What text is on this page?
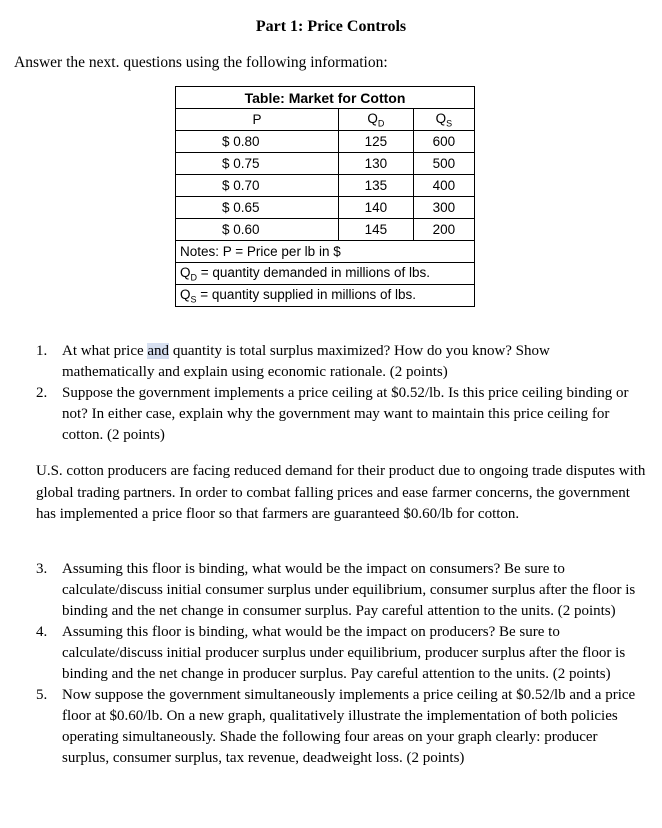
Part 1: Price Controls
Answer the next. questions using the following information:
Table: Market for Cotton		
P	$Q_D$	$Q_S$
$ 0.80	125	600
$ 0.75	130	500
$ 0.70	135	400
$ 0.65	140	300
$ 0.60	145	200
Notes: P = Price per lb in $		
$Q_D$ = quantity demanded in millions of lbs.		
$Q_S$ = quantity supplied in millions of lbs.		
1. At what price and quantity is total surplus maximized? How do you know? Show mathematically and explain using economic rationale. (2 points)
2. Suppose the government implements a price ceiling at $0.52/lb. Is this price ceiling binding or not? In either case, explain why the government may want to maintain this price ceiling for cotton. (2 points)
U.S. cotton producers are facing reduced demand for their product due to ongoing trade disputes with global trading partners. In order to combat falling prices and ease farmer concerns, the government has implemented a price floor so that farmers are guaranteed $0.60/lb for cotton.
3. Assuming this floor is binding, what would be the impact on consumers? Be sure to calculate/discuss initial consumer surplus under equilibrium, consumer surplus after the floor is binding and the net change in consumer surplus. Pay careful attention to the units. (2 points)
4. Assuming this floor is binding, what would be the impact on producers? Be sure to calculate/discuss initial producer surplus under equilibrium, producer surplus after the floor is binding and the net change in producer surplus. Pay careful attention to the units. (2 points)
5. Now suppose the government simultaneously implements a price ceiling at $0.52/lb and a price floor at $0.60/lb. On a new graph, qualitatively illustrate the implementation of both policies operating simultaneously. Shade the following four areas on your graph clearly: producer surplus, consumer surplus, tax revenue, deadweight loss. (2 points)
